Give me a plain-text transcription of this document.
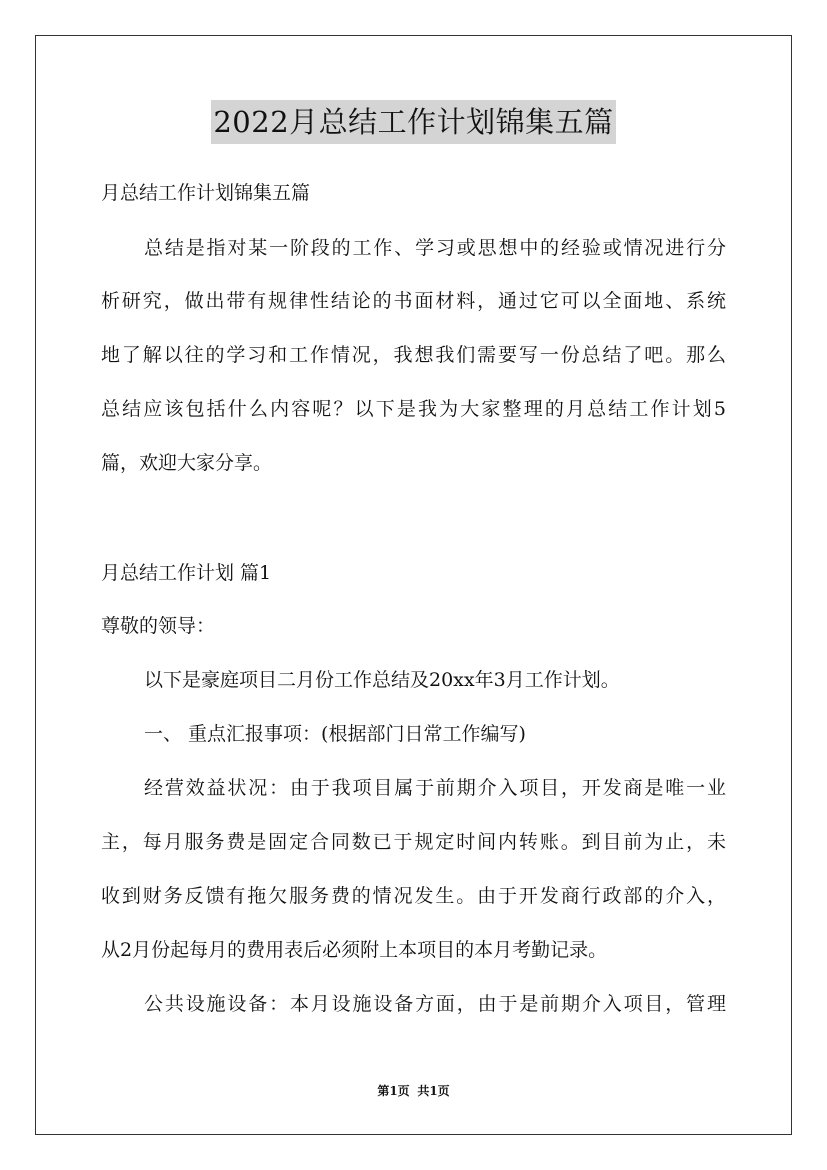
2022月总结工作计划锦集五篇
月总结工作计划锦集五篇
总结是指对某一阶段的工作、学习或思想中的经验或情况进行分
析研究，做出带有规律性结论的书面材料，通过它可以全面地、系统
地了解以往的学习和工作情况，我想我们需要写一份总结了吧。那么
总结应该包括什么内容呢？以下是我为大家整理的月总结工作计划5
篇，欢迎大家分享。
月总结工作计划 篇1
尊敬的领导：
以下是豪庭项目二月份工作总结及20xx年3月工作计划。
一、 重点汇报事项：(根据部门日常工作编写)
经营效益状况：由于我项目属于前期介入项目，开发商是唯一业
主，每月服务费是固定合同数已于规定时间内转账。到目前为止，未
收到财务反馈有拖欠服务费的情况发生。由于开发商行政部的介入，
从2月份起每月的费用表后必须附上本项目的本月考勤记录。
公共设施设备：本月设施设备方面，由于是前期介入项目，管理
第1页 共1页
